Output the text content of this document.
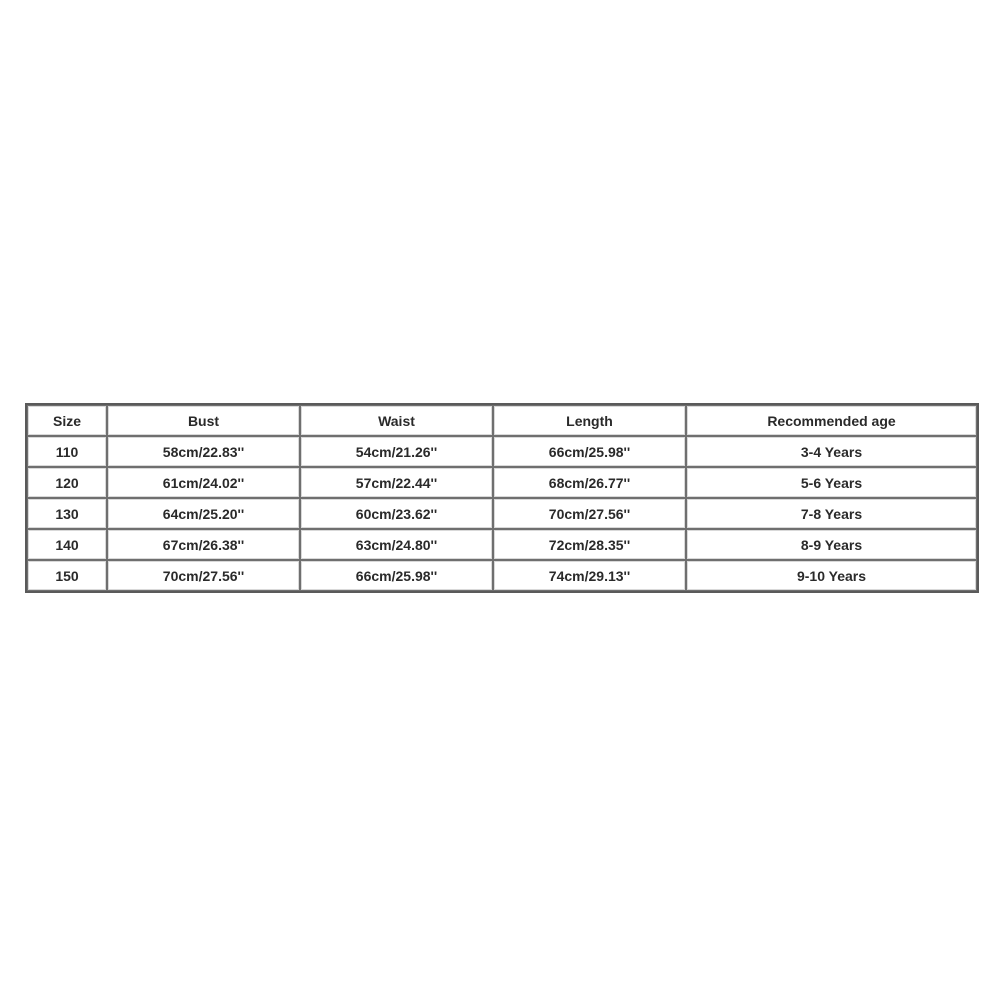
Size	Bust	Waist	Length	Recommended age
110	58cm/22.83''	54cm/21.26''	66cm/25.98''	3-4 Years
120	61cm/24.02''	57cm/22.44''	68cm/26.77''	5-6 Years
130	64cm/25.20''	60cm/23.62''	70cm/27.56''	7-8 Years
140	67cm/26.38''	63cm/24.80''	72cm/28.35''	8-9 Years
150	70cm/27.56''	66cm/25.98''	74cm/29.13''	9-10 Years
